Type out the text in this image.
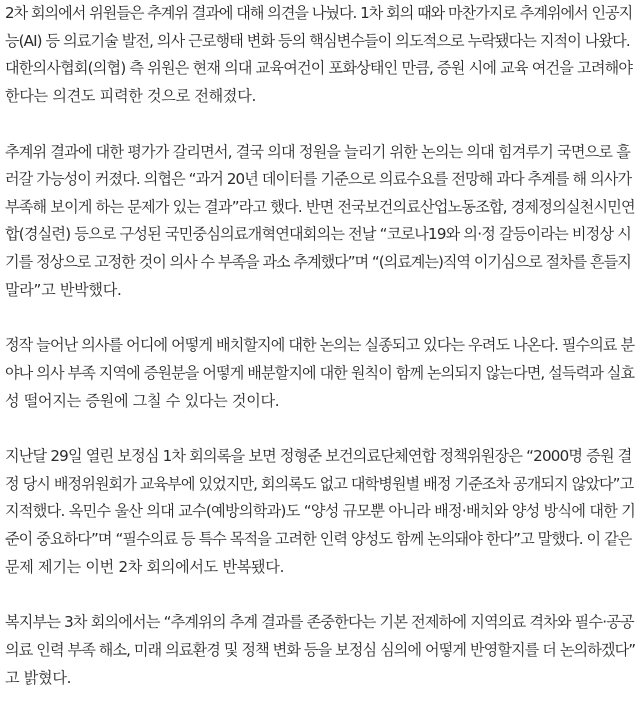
2차 회의에서 위원들은 추계위 결과에 대해 의견을 나눴다. 1차 회의 때와 마찬가지로 추계위에서 인공지
능(AI) 등 의료기술 발전, 의사 근로행태 변화 등의 핵심변수들이 의도적으로 누락됐다는 지적이 나왔다.
대한의사협회(의협) 측 위원은 현재 의대 교육여건이 포화상태인 만큼, 증원 시에 교육 여건을 고려해야
한다는 의견도 피력한 것으로 전해졌다.

추계위 결과에 대한 평가가 갈리면서, 결국 의대 정원을 늘리기 위한 논의는 의대 힘겨루기 국면으로 흘
러갈 가능성이 커졌다. 의협은 “과거 20년 데이터를 기준으로 의료수요를 전망해 과다 추계를 해 의사가
부족해 보이게 하는 문제가 있는 결과”라고 했다. 반면 전국보건의료산업노동조합, 경제정의실천시민연
합(경실련) 등으로 구성된 국민중심의료개혁연대회의는 전날 “코로나19와 의·정 갈등이라는 비정상 시
기를 정상으로 고정한 것이 의사 수 부족을 과소 추계했다”며 “(의료계는)직역 이기심으로 절차를 흔들지
말라”고 반박했다.

정작 늘어난 의사를 어디에 어떻게 배치할지에 대한 논의는 실종되고 있다는 우려도 나온다. 필수의료 분
야나 의사 부족 지역에 증원분을 어떻게 배분할지에 대한 원칙이 함께 논의되지 않는다면, 설득력과 실효
성 떨어지는 증원에 그칠 수 있다는 것이다.

지난달 29일 열린 보정심 1차 회의록을 보면 정형준 보건의료단체연합 정책위원장은 “2000명 증원 결
정 당시 배정위원회가 교육부에 있었지만, 회의록도 없고 대학병원별 배정 기준조차 공개되지 않았다”고
지적했다. 옥민수 울산 의대 교수(예방의학과)도 “양성 규모뿐 아니라 배정·배치와 양성 방식에 대한 기
준이 중요하다”며 “필수의료 등 특수 목적을 고려한 인력 양성도 함께 논의돼야 한다”고 말했다. 이 같은
문제 제기는 이번 2차 회의에서도 반복됐다.

복지부는 3차 회의에서는 “추계위의 추계 결과를 존중한다는 기본 전제하에 지역의료 격차와 필수·공공
의료 인력 부족 해소, 미래 의료환경 및 정책 변화 등을 보정심 심의에 어떻게 반영할지를 더 논의하겠다”
고 밝혔다.
